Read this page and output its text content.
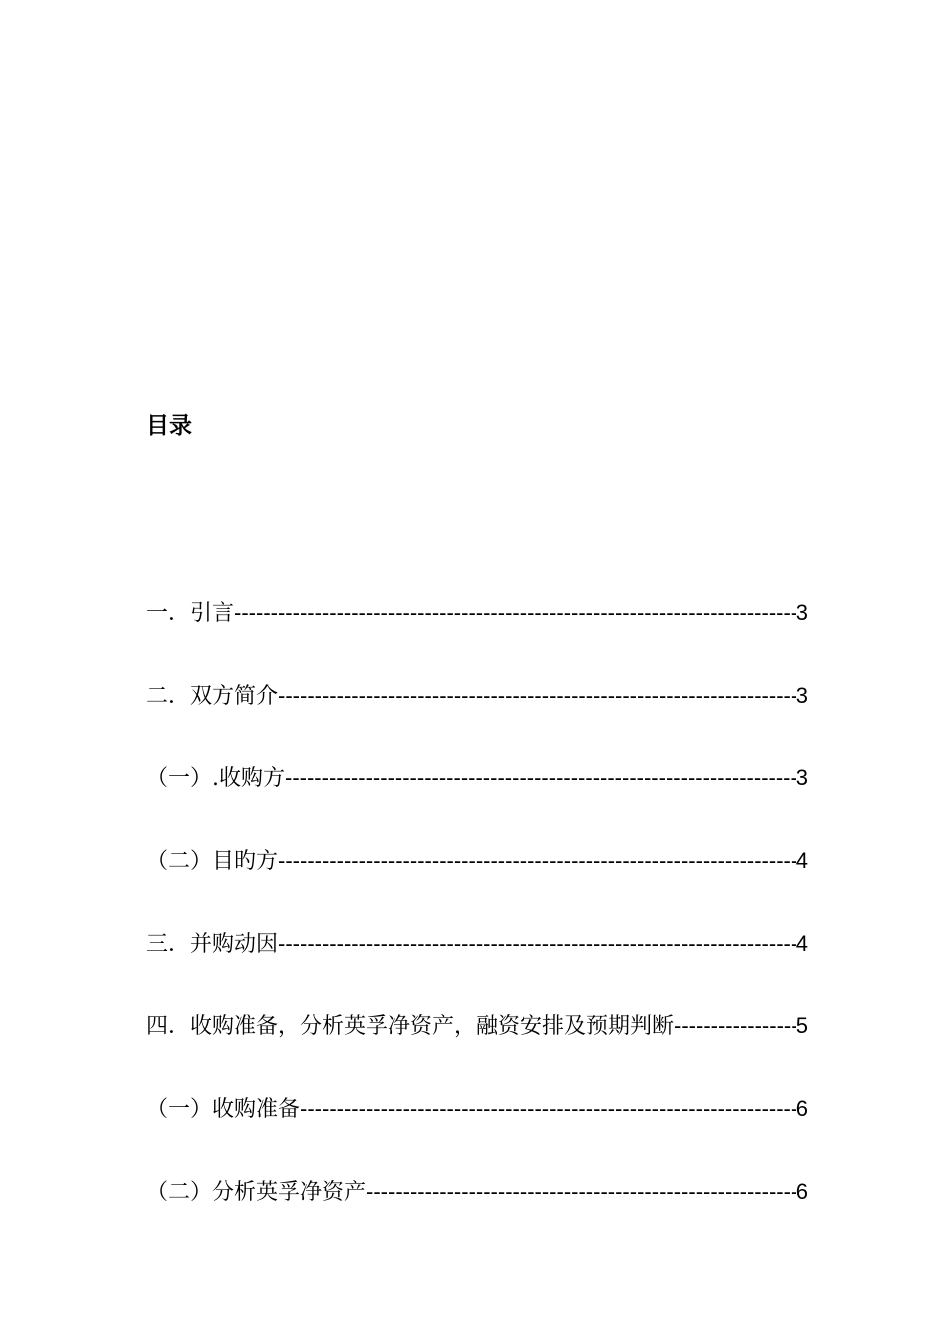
目录
一．引言 -----	3
二．双方简介 -----	3
（一）.收购方 -----	3
（二）目旳方 -----	4
三．并购动因 -----	4
四．收购准备，分析英孚净资产，融资安排及预期判断 -----	5
（一）收购准备 -----	6
（二）分析英孚净资产 -----	6
